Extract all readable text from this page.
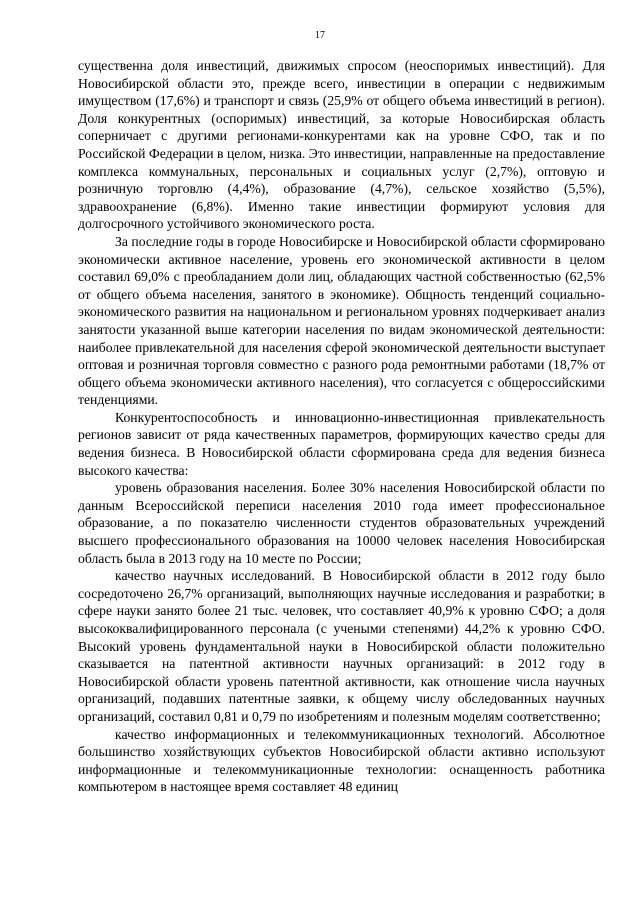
17

существенна доля инвестиций, движимых спросом (неоспоримых инвестиций). Для Новосибирской области это, прежде всего, инвестиции в операции с недвижимым имуществом (17,6%) и транспорт и связь (25,9% от общего объема инвестиций в регион). Доля конкурентных (оспоримых) инвестиций, за которые Новосибирская область соперничает с другими регионами-конкурентами как на уровне СФО, так и по Российской Федерации в целом, низка. Это инвестиции, направленные на предоставление комплекса коммунальных, персональных и социальных услуг (2,7%), оптовую и розничную торговлю (4,4%), образование (4,7%), сельское хозяйство (5,5%), здравоохранение (6,8%). Именно такие инвестиции формируют условия для долгосрочного устойчивого экономического роста.

За последние годы в городе Новосибирске и Новосибирской области сформировано экономически активное население, уровень его экономической активности в целом составил 69,0% с преобладанием доли лиц, обладающих частной собственностью (62,5% от общего объема населения, занятого в экономике). Общность тенденций социально-экономического развития на национальном и региональном уровнях подчеркивает анализ занятости указанной выше категории населения по видам экономической деятельности: наиболее привлекательной для населения сферой экономической деятельности выступает оптовая и розничная торговля совместно с разного рода ремонтными работами (18,7% от общего объема экономически активного населения), что согласуется с общероссийскими тенденциями.

Конкурентоспособность и инновационно-инвестиционная привлекательность регионов зависит от ряда качественных параметров, формирующих качество среды для ведения бизнеса. В Новосибирской области сформирована среда для ведения бизнеса высокого качества:

уровень образования населения. Более 30% населения Новосибирской области по данным Всероссийской переписи населения 2010 года имеет профессиональное образование, а по показателю численности студентов образовательных учреждений высшего профессионального образования на 10000 человек населения Новосибирская область была в 2013 году на 10 месте по России;

качество научных исследований. В Новосибирской области в 2012 году было сосредоточено 26,7% организаций, выполняющих научные исследования и разработки; в сфере науки занято более 21 тыс. человек, что составляет 40,9% к уровню СФО; а доля высококвалифицированного персонала (с учеными степенями) 44,2% к уровню СФО. Высокий уровень фундаментальной науки в Новосибирской области положительно сказывается на патентной активности научных организаций: в 2012 году в Новосибирской области уровень патентной активности, как отношение числа научных организаций, подавших патентные заявки, к общему числу обследованных научных организаций, составил 0,81 и 0,79 по изобретениям и полезным моделям соответственно;

качество информационных и телекоммуникационных технологий. Абсолютное большинство хозяйствующих субъектов Новосибирской области активно используют информационные и телекоммуникационные технологии: оснащенность работника компьютером в настоящее время составляет 48 единиц
